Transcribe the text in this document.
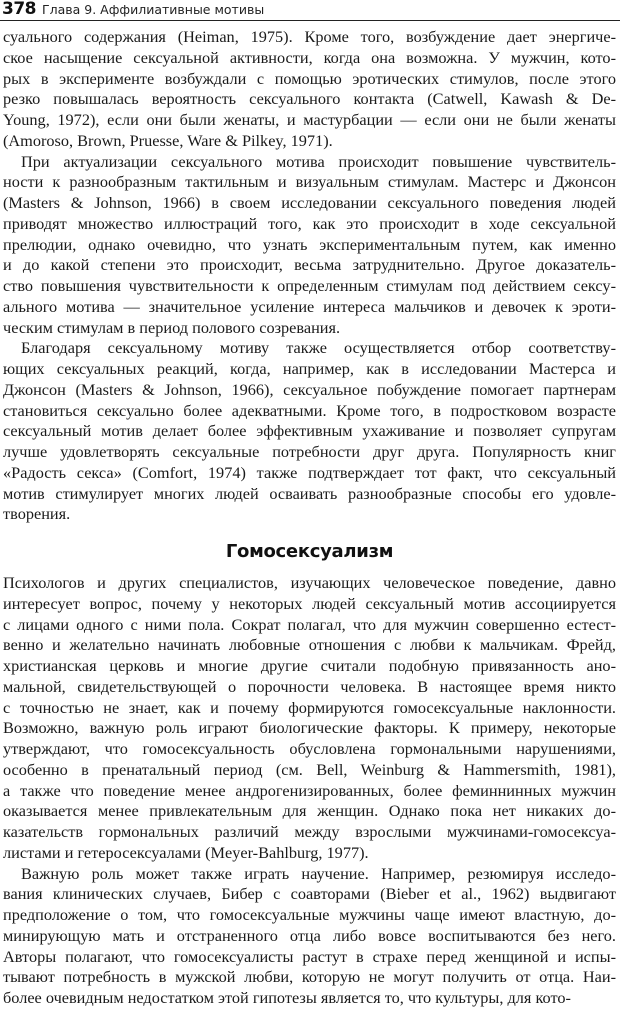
378 Глава 9. Аффилиативные мотивы
суального содержания (Heiman, 1975). Кроме того, возбуждение дает энергиче-
ское насыщение сексуальной активности, когда она возможна. У мужчин, кото-
рых в эксперименте возбуждали с помощью эротических стимулов, после этого
резко повышалась вероятность сексуального контакта (Catwell, Kawash & De-
Young, 1972), если они были женаты, и мастурбации — если они не были женаты
(Amoroso, Brown, Pruesse, Ware & Pilkey, 1971).
При актуализации сексуального мотива происходит повышение чувствитель-
ности к разнообразным тактильным и визуальным стимулам. Мастерс и Джонсон
(Masters & Johnson, 1966) в своем исследовании сексуального поведения людей
приводят множество иллюстраций того, как это происходит в ходе сексуальной
прелюдии, однако очевидно, что узнать экспериментальным путем, как именно
и до какой степени это происходит, весьма затруднительно. Другое доказатель-
ство повышения чувствительности к определенным стимулам под действием сексу-
ального мотива — значительное усиление интереса мальчиков и девочек к эроти-
ческим стимулам в период полового созревания.
Благодаря сексуальному мотиву также осуществляется отбор соответству-
ющих сексуальных реакций, когда, например, как в исследовании Мастерса и
Джонсон (Masters & Johnson, 1966), сексуальное побуждение помогает партнерам
становиться сексуально более адекватными. Кроме того, в подростковом возрасте
сексуальный мотив делает более эффективным ухаживание и позволяет супругам
лучше удовлетворять сексуальные потребности друг друга. Популярность книг
«Радость секса» (Comfort, 1974) также подтверждает тот факт, что сексуальный
мотив стимулирует многих людей осваивать разнообразные способы его удовле-
творения.
Гомосексуализм
Психологов и других специалистов, изучающих человеческое поведение, давно
интересует вопрос, почему у некоторых людей сексуальный мотив ассоциируется
с лицами одного с ними пола. Сократ полагал, что для мужчин совершенно естест-
венно и желательно начинать любовные отношения с любви к мальчикам. Фрейд,
христианская церковь и многие другие считали подобную привязанность ано-
мальной, свидетельствующей о порочности человека. В настоящее время никто
с точностью не знает, как и почему формируются гомосексуальные наклонности.
Возможно, важную роль играют биологические факторы. К примеру, некоторые
утверждают, что гомосексуальность обусловлена гормональными нарушениями,
особенно в пренатальный период (см. Bell, Weinburg & Hammersmith, 1981),
а также что поведение менее андрогенизированных, более феминнинных мужчин
оказывается менее привлекательным для женщин. Однако пока нет никаких до-
казательств гормональных различий между взрослыми мужчинами-гомосексуа-
листами и гетеросексуалами (Meyer-Bahlburg, 1977).
Важную роль может также играть научение. Например, резюмируя исследо-
вания клинических случаев, Бибер с соавторами (Bieber et al., 1962) выдвигают
предположение о том, что гомосексуальные мужчины чаще имеют властную, до-
минирующую мать и отстраненного отца либо вовсе воспитываются без него.
Авторы полагают, что гомосексуалисты растут в страхе перед женщиной и испы-
тывают потребность в мужской любви, которую не могут получить от отца. Наи-
более очевидным недостатком этой гипотезы является то, что культуры, для кото-
